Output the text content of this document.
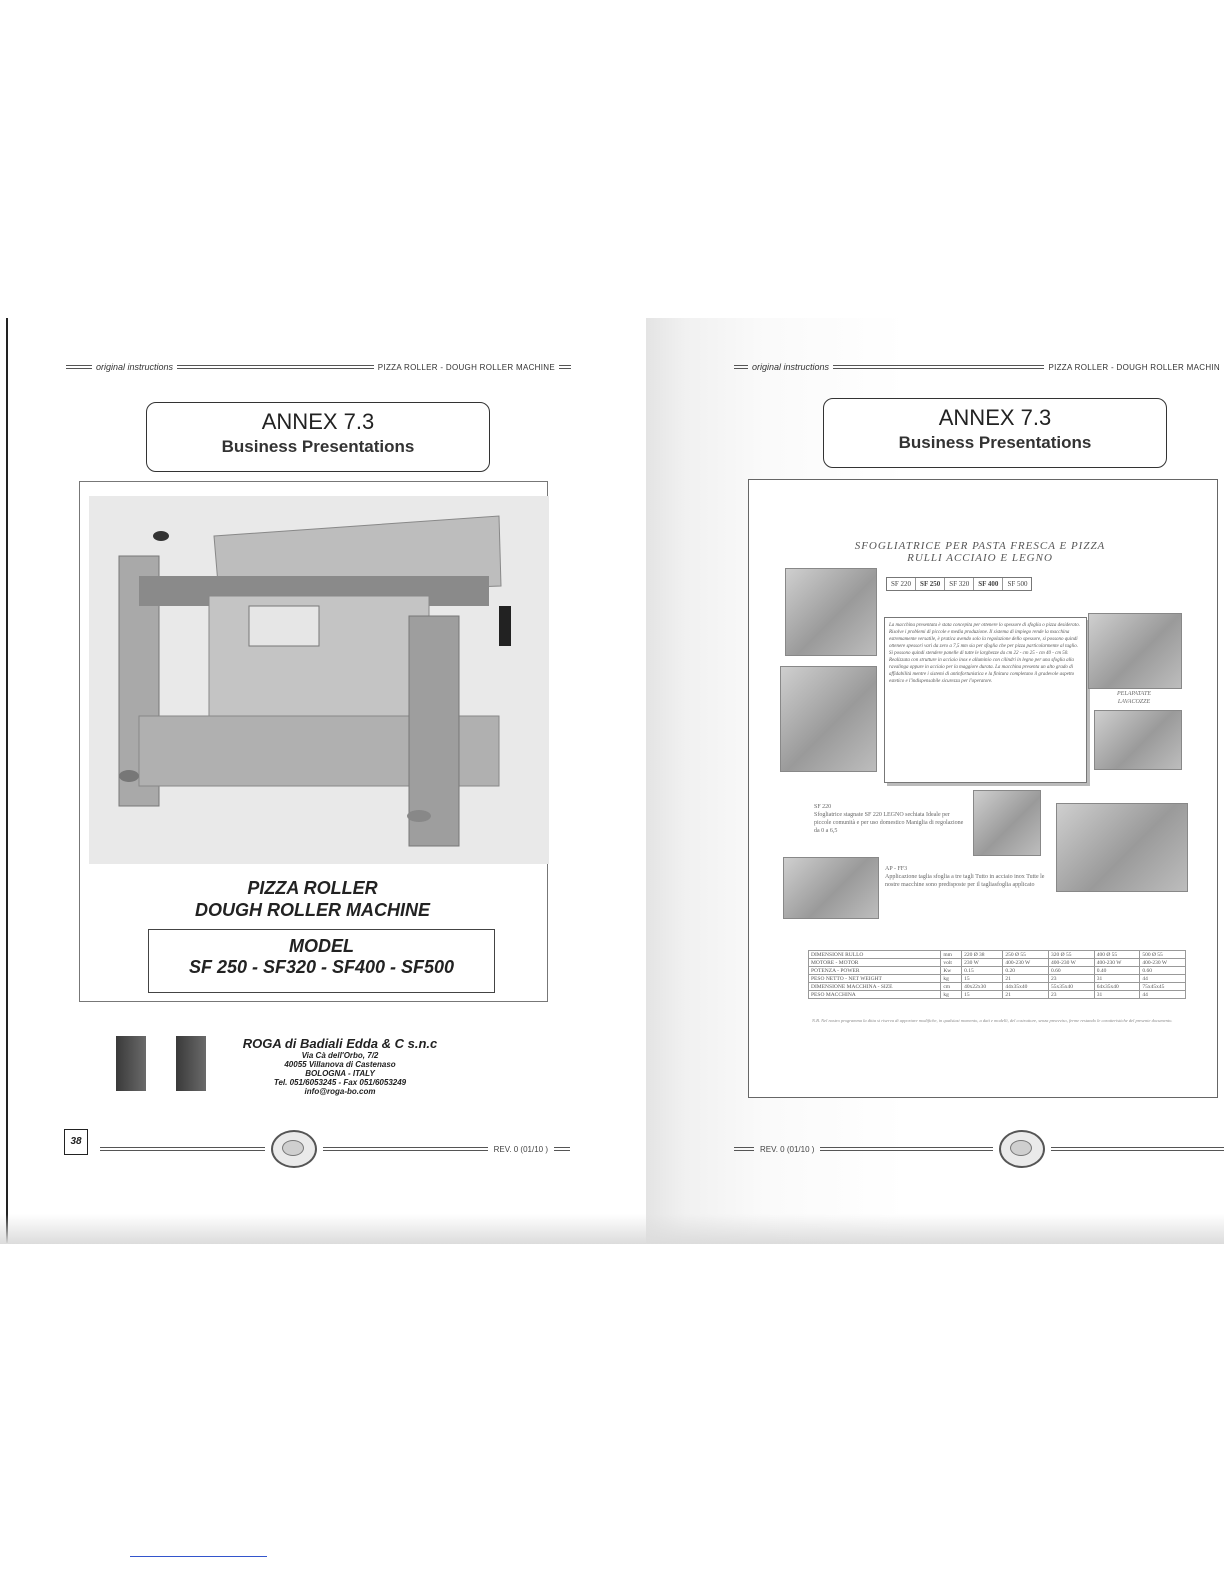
original instructions	PIZZA ROLLER - DOUGH ROLLER MACHINE
ANNEX 7.3
Business Presentations
PIZZA ROLLER
DOUGH ROLLER MACHINE
MODEL
SF 250 - SF320 - SF400 - SF500
ROGA di Badiali Edda & C s.n.c
Via Cà dell'Orbo, 7/2
40055 Villanova di Castenaso
BOLOGNA - ITALY
Tel. 051/6053245 - Fax 051/6053249
info@roga-bo.com
38
REV. 0 (01/10 )
original instructions	PIZZA ROLLER - DOUGH ROLLER MACHIN
ANNEX 7.3
Business Presentations
SFOGLIATRICE PER PASTA FRESCA E PIZZA
RULLI ACCIAIO E LEGNO
SF 220	SF 250	SF 320	SF 400	SF 500
La macchina presentata è stata concepita per ottenere lo spessore di sfoglia o pizza desiderato. Risolve i problemi di piccole e media produzione. Il sistema di impiego rende la macchina estremamente versatile, è pratica avendo solo la regolazione dello spessore, si possono quindi ottenere spessori vari da zero a 7,5 mm sia per sfoglia che per pizza particolarmente al taglio. Si possono quindi stendere panelle di tutte le larghezze da cm 22 - cm 25 - cm 40 - cm 50. Realizzata con strutture in acciaio inox e alluminio con cilindri in legno per una sfoglia alla ravalinga oppure in acciaio per la maggiore durata. La macchina presenta un alto grado di affidabilità mentre i sistemi di antinfortunistica e la finitura completano il gradevole aspetto estetico e l'indispensabile sicurezza per l'operatore.
PELAPATATE
LAVACOZZE
SF 220
Sfogliatrice stagnate SF 220 LEGNO sechiata Ideale per piccole comunità e per uso domestico Maniglia di regolazione da 0 a 6,5
AP - FF3
Applicazione taglia sfoglia a tre tagli Tutto in acciaio inox Tutte le nostre macchine sono predisposte per il tagliasfoglia applicato
DIMENSIONI RULLO	mm	220 Ø 38	250 Ø 55	320 Ø 55	400 Ø 55	500 Ø 55
MOTORE - MOTOR	volt	230 W	400-230 W	400-230 W	400-230 W	400-230 W
POTENZA - POWER	Kw	0.15	0.20	0.60	0.40	0.60
PESO NETTO - NET WEIGHT	kg	15	21	23	31	44
DIMENSIONE MACCHINA - SIZE	cm	40x22x30	44x35x40	55x35x40	64x35x40	75x45x45
PESO MACCHINA	kg	15	21	23	31	44
N.B. Nel nostro programma la ditta si riserva di apportare modifiche, in qualsiasi momento, a dati e modelli, del costruttore, senza preavviso, ferme restando le caratteristiche del presente documento.
REV. 0 (01/10 )
